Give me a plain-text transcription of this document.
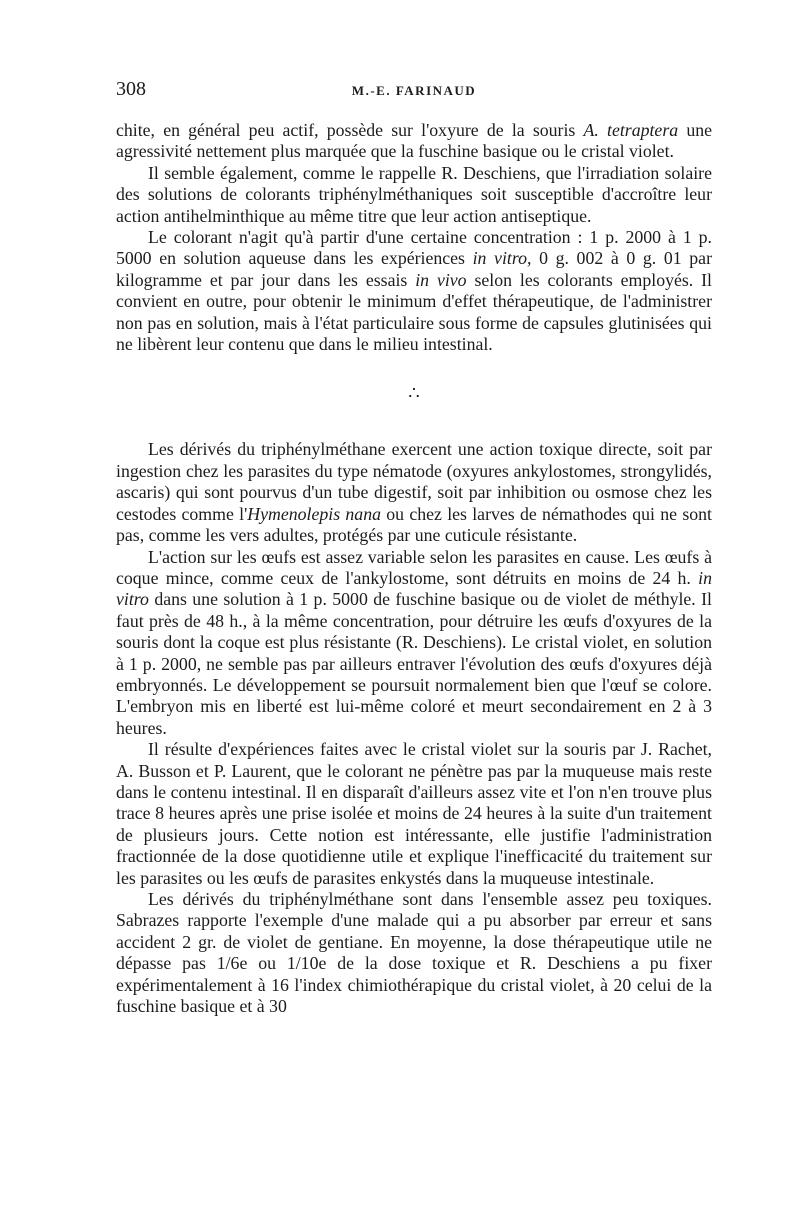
308	M.-E. FARINAUD

chite, en général peu actif, possède sur l'oxyure de la souris A. tetraptera une agressivité nettement plus marquée que la fuschine basique ou le cristal violet.

Il semble également, comme le rappelle R. Deschiens, que l'irradiation solaire des solutions de colorants triphénylméthaniques soit susceptible d'accroître leur action antihelminthique au même titre que leur action antiseptique.

Le colorant n'agit qu'à partir d'une certaine concentration : 1 p. 2000 à 1 p. 5000 en solution aqueuse dans les expériences in vitro, 0 g. 002 à 0 g. 01 par kilogramme et par jour dans les essais in vivo selon les colorants employés. Il convient en outre, pour obtenir le minimum d'effet thérapeutique, de l'administrer non pas en solution, mais à l'état particulaire sous forme de capsules glutinisées qui ne libèrent leur contenu que dans le milieu intestinal.

∴

Les dérivés du triphénylméthane exercent une action toxique directe, soit par ingestion chez les parasites du type nématode (oxyures ankylostomes, strongylidés, ascaris) qui sont pourvus d'un tube digestif, soit par inhibition ou osmose chez les cestodes comme l'Hymenolepis nana ou chez les larves de némathodes qui ne sont pas, comme les vers adultes, protégés par une cuticule résistante.

L'action sur les œufs est assez variable selon les parasites en cause. Les œufs à coque mince, comme ceux de l'ankylostome, sont détruits en moins de 24 h. in vitro dans une solution à 1 p. 5000 de fuschine basique ou de violet de méthyle. Il faut près de 48 h., à la même concentration, pour détruire les œufs d'oxyures de la souris dont la coque est plus résistante (R. Deschiens). Le cristal violet, en solution à 1 p. 2000, ne semble pas par ailleurs entraver l'évolution des œufs d'oxyures déjà embryonnés. Le développement se poursuit normalement bien que l'œuf se colore. L'embryon mis en liberté est lui-même coloré et meurt secondairement en 2 à 3 heures.

Il résulte d'expériences faites avec le cristal violet sur la souris par J. Rachet, A. Busson et P. Laurent, que le colorant ne pénètre pas par la muqueuse mais reste dans le contenu intestinal. Il en disparaît d'ailleurs assez vite et l'on n'en trouve plus trace 8 heures après une prise isolée et moins de 24 heures à la suite d'un traitement de plusieurs jours. Cette notion est intéressante, elle justifie l'administration fractionnée de la dose quotidienne utile et explique l'inefficacité du traitement sur les parasites ou les œufs de parasites enkystés dans la muqueuse intestinale.

Les dérivés du triphénylméthane sont dans l'ensemble assez peu toxiques. Sabrazes rapporte l'exemple d'une malade qui a pu absorber par erreur et sans accident 2 gr. de violet de gentiane. En moyenne, la dose thérapeutique utile ne dépasse pas 1/6e ou 1/10e de la dose toxique et R. Deschiens a pu fixer expérimentalement à 16 l'index chimiothérapique du cristal violet, à 20 celui de la fuschine basique et à 30
